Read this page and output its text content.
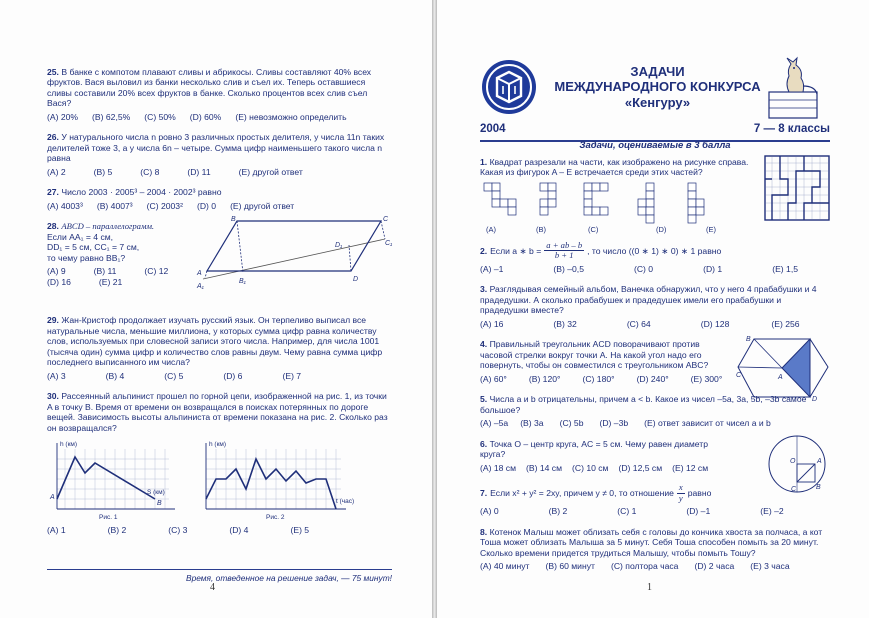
25. В банке с компотом плавают сливы и абрикосы. Сливы составляют 40% всех фруктов. Вася выловил из банки несколько слив и съел их. Теперь оставшиеся сливы составили 20% всех фруктов в банке. Сколько процентов всех слив съел Вася?
(A) 20% (B) 62,5% (C) 50% (D) 60% (E) невозможно определить
26. У натурального числа n ровно 3 различных простых делителя, у числа 11n таких делителей тоже 3, а у числа 6n – четыре. Сумма цифр наименьшего такого числа n равна
(A) 2	(B) 5	(C) 8	(D) 11	(E) другой ответ
27. Число 2003 · 2005³ – 2004 · 2002³ равно
(A) 4003³ (B) 4007³ (C) 2003² (D) 0 (E) другой ответ
28. ABCD – параллелограмм.
Если AA₁ = 4 см,
DD₁ = 5 см, CC₁ = 7 см,
то чему равно BB₁?
(A) 9	(B) 11	(C) 12
(D) 16	(E) 21
B	C
C₁
D₁
D
A
A₁
B₁
29. Жан-Кристоф продолжает изучать русский язык. Он терпеливо выписал все натуральные числа, меньшие миллиона, у которых сумма цифр равна количеству слов, используемых при словесной записи этого числа. Например, для числа 1001 (тысяча один) сумма цифр и количество слов равны двум. Чему равна сумма цифр последнего выписанного им числа?
(A) 3	(B) 4	(C) 5	(D) 6	(E) 7
30. Рассеянный альпинист прошел по горной цепи, изображенной на рис. 1, из точки A в точку B. Время от времени он возвращался в поисках потерянных по дороге вещей. Зависимость высоты альпиниста от времени показана на рис. 2. Сколько раз он возвращался?
h (км)
S (км)
A
B
Рис. 1
h (км)
t (час)
Рис. 2
(A) 1	(B) 2	(C) 3	(D) 4	(E) 5
Время, отведенное на решение задач, — 75 минут!
4
ЗАДАЧИ
МЕЖДУНАРОДНОГО КОНКУРСА
«Кенгуру»
2004	7 — 8 классы
Задачи, оцениваемые в 3 балла
1. Квадрат разрезали на части, как изображено на рисунке справа. Какая из фигурок A – E встречается среди этих частей?
(A)	(B)	(C)	(D)	(E)
2. Если a ∗ $b = \frac{a + ab - b}{b + 1}$ , то число ((0 ∗ 1) ∗ 0) ∗ 1 равно
(A) –1	(B) –0,5	(C) 0	(D) 1	(E) 1,5
3. Разглядывая семейный альбом, Ванечка обнаружил, что у него 4 прабабушки и 4 прадедушки. А сколько прабабушек и прадедушек имели его прабабушки и прадедушки вместе?
(A) 16	(B) 32	(C) 64	(D) 128	(E) 256
4. Правильный треугольник ACD поворачивают против часовой стрелки вокруг точки A. На какой угол надо его повернуть, чтобы он совместился с треугольником ABC?
B
C	A
D
(A) 60°	(B) 120°	(C) 180°	(D) 240°	(E) 300°
5. Числа a и b отрицательны, причем a < b. Какое из чисел –5a, 3a, 5b, –3b самое большое?
(A) –5a (B) 3a (C) 5b (D) –3b (E) ответ зависит от чисел a и b
6. Точка O – центр круга, AC = 5 см. Чему равен диаметр круга?
O	A
B
C
(A) 18 см (B) 14 см (C) 10 см (D) 12,5 см (E) 12 см
7. Если x² + y² = 2xy, причем y ≠ 0, то отношение $\frac{x}{y}$ равно
(A) 0	(B) 2	(C) 1	(D) –1	(E) –2
8. Котенок Малыш может облизать себя с головы до кончика хвоста за полчаса, а кот Тоша может облизать Малыша за 5 минут. Себя Тоша способен помыть за 20 минут. Сколько времени придется трудиться Малышу, чтобы помыть Тошу?
(A) 40 минут (B) 60 минут (C) полтора часа (D) 2 часа (E) 3 часа
1
